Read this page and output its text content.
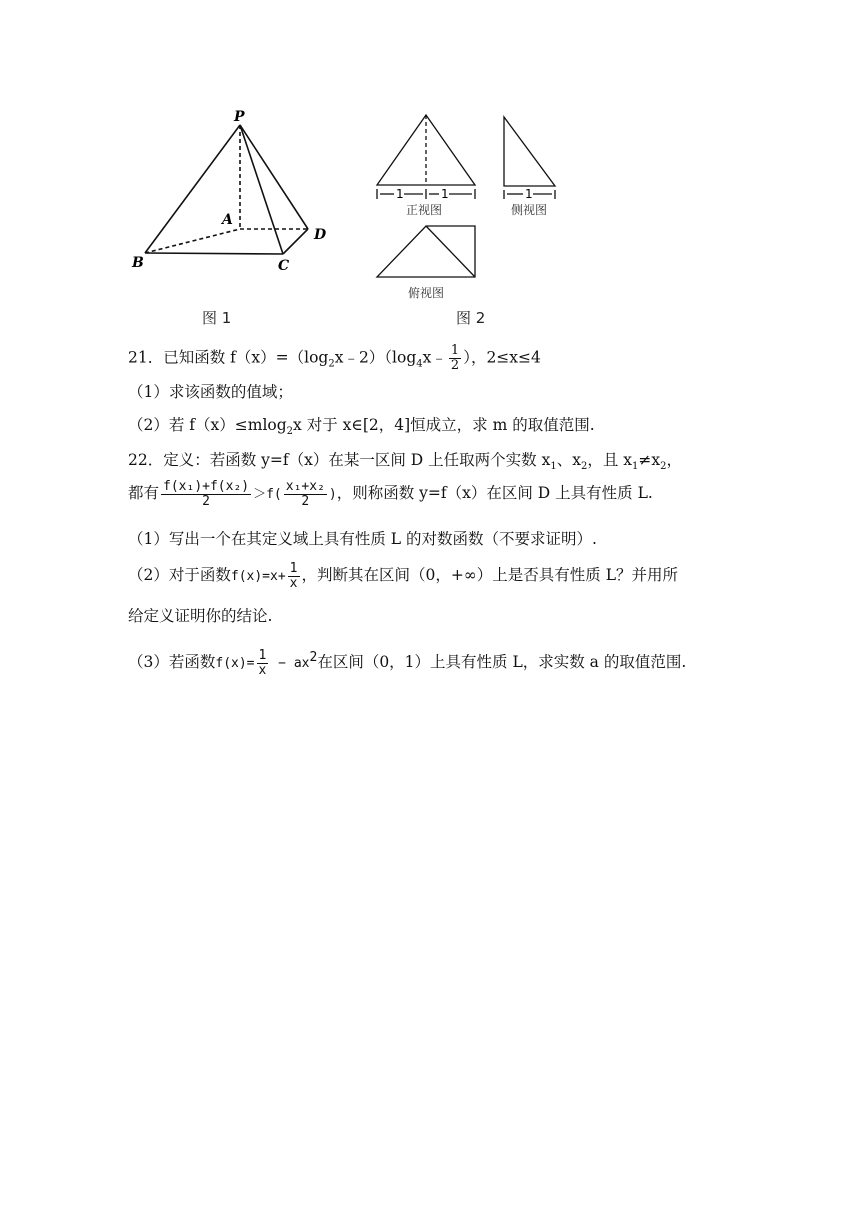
P
A
B	C
D
1	1
正视图
1
侧视图
俯视图
图 1	图 2
21．已知函数 $f(x)=(\log_2x﹣2)(\log_4x﹣ \frac{1}{2}$ ），2≤x≤4
（1）求该函数的值域；
（2）若 f（x）≤mlog$_2$x 对于 x∈[2，4]恒成立，求 m 的取值范围.
22．定义：若函数 y=f（x）在某一区间 D 上任取两个实数 $x_1$、$x_2$，且 $x_1\ne x_2$，
都有 $\frac{\text{f(x₁)+f(x₂)}}{2} >f( \frac{\text{x₁+x₂}}{2}$ )，则称函数 y=f（x）在区间 D 上具有性质 L.
（1）写出一个在其定义域上具有性质 L 的对数函数（不要求证明）.
（2）对于函数$f(x)=x+ \frac{1}{x}$ ，判断其在区间（0，+∞）上是否具有性质 L？并用所
给定义证明你的结论.
（3）若函数$f(x)= \frac{1}{x} - ax^2$在区间（0，1）上具有性质 L，求实数 a 的取值范围.
